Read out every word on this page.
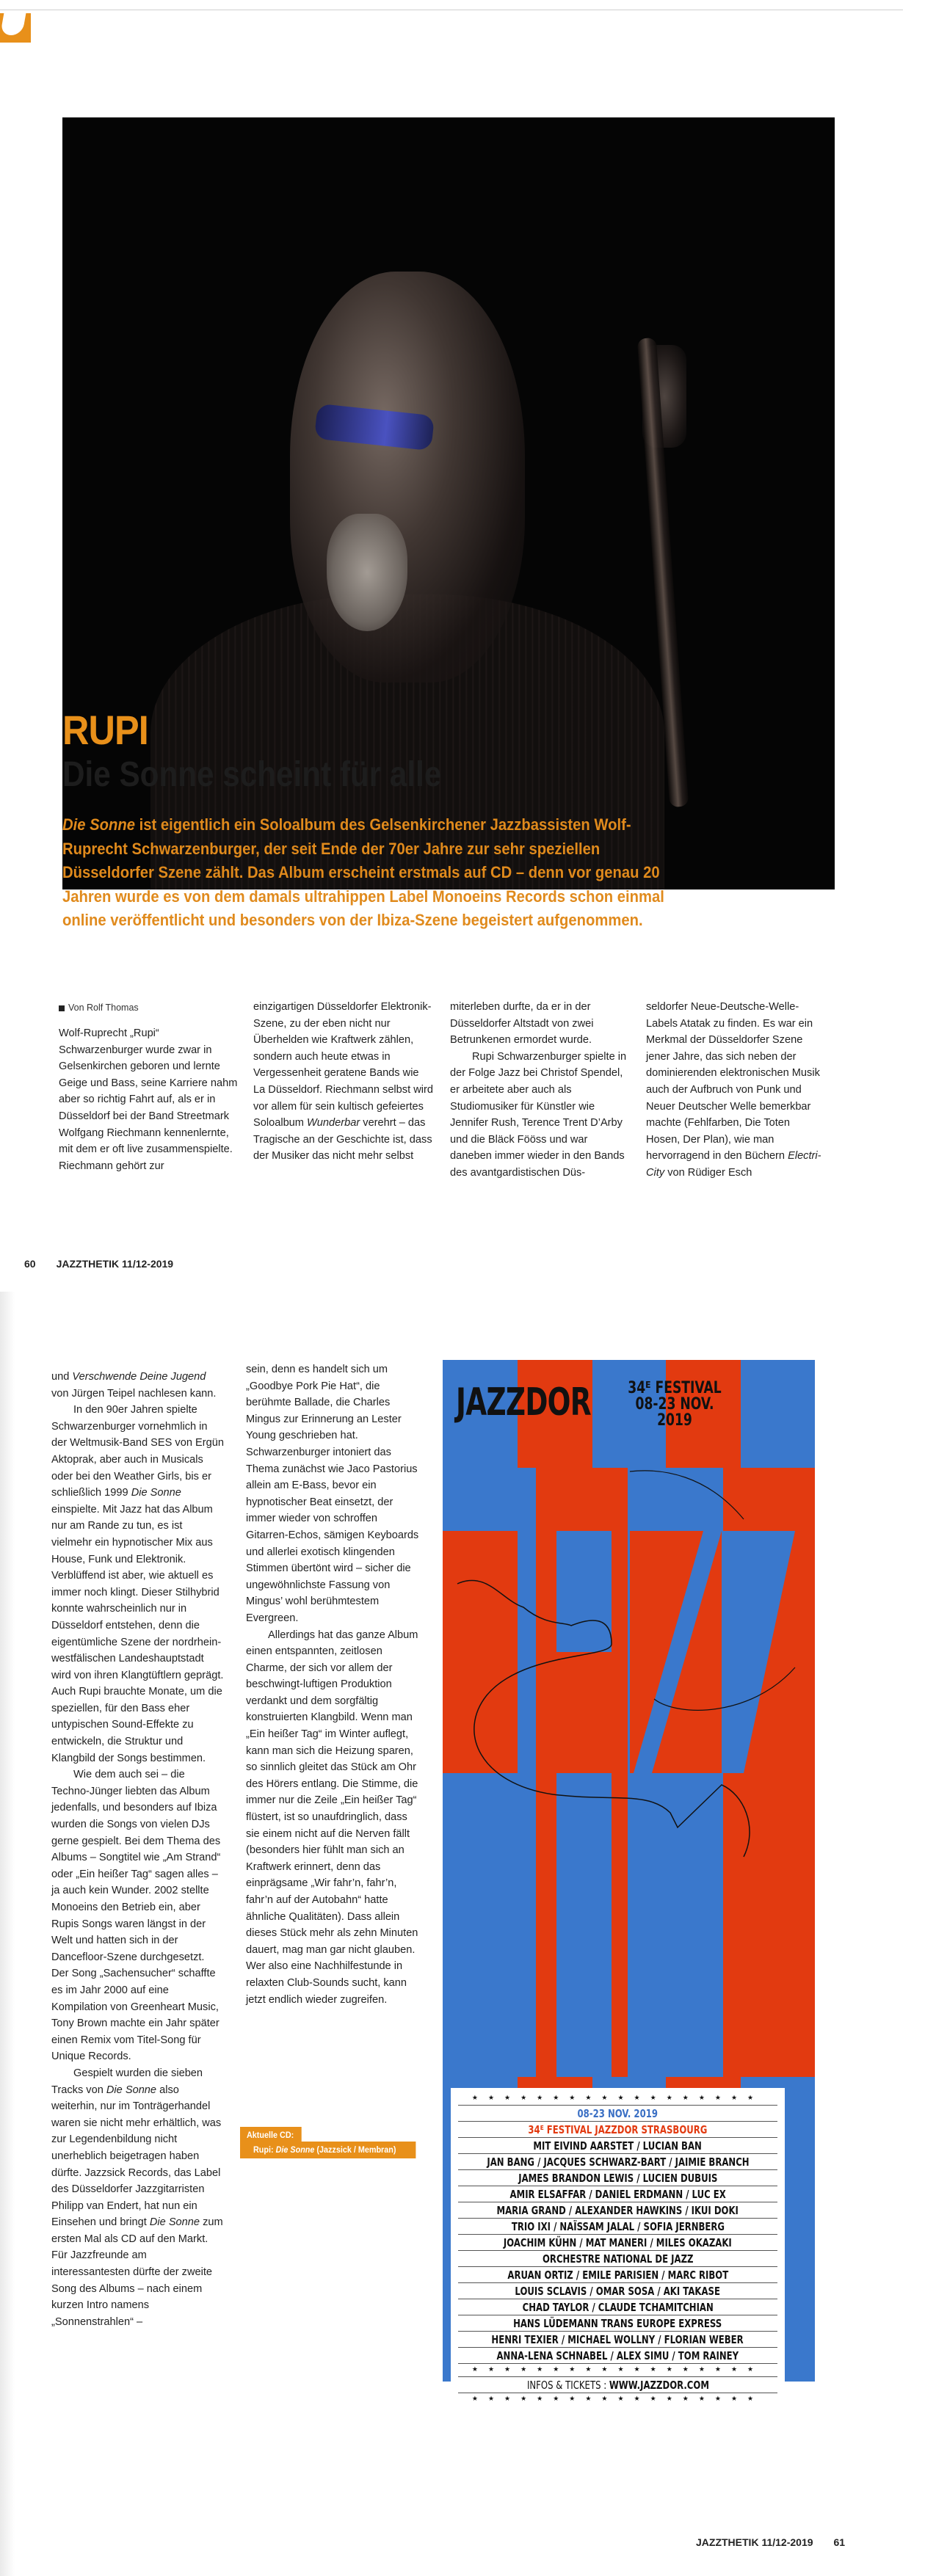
RUPI
Die Sonne scheint für alle
Die Sonne ist eigentlich ein Soloalbum des Gelsenkirchener Jazzbassisten Wolf-Ruprecht Schwarzenburger, der seit Ende der 70er Jahre zur sehr speziellen Düsseldorfer Szene zählt. Das Album erscheint erstmals auf CD – denn vor genau 20 Jahren wurde es von dem damals ultrahippen Label Monoeins Records schon einmal online veröffentlicht und besonders von der Ibiza-Szene begeistert aufgenommen.
Von Rolf Thomas

Wolf-Ruprecht „Rupi“ Schwarzenburger wurde zwar in Gelsenkirchen geboren und lernte Geige und Bass, seine Karriere nahm aber so richtig Fahrt auf, als er in Düsseldorf bei der Band Streetmark Wolfgang Riechmann kennenlernte, mit dem er oft live zusammenspielte. Riechmann gehört zur

einzigartigen Düsseldorfer Elektronik-Szene, zu der eben nicht nur Überhelden wie Kraftwerk zählen, sondern auch heute etwas in Vergessenheit geratene Bands wie La Düsseldorf. Riechmann selbst wird vor allem für sein kultisch gefeiertes Soloalbum Wunderbar verehrt – das Tragische an der Geschichte ist, dass der Musiker das nicht mehr selbst

miterleben durfte, da er in der Düsseldorfer Altstadt von zwei Betrunkenen ermordet wurde.

Rupi Schwarzenburger spielte in der Folge Jazz bei Christof Spendel, er arbeitete aber auch als Studiomusiker für Künstler wie Jennifer Rush, Terence Trent D’Arby und die Bläck Fööss und war daneben immer wieder in den Bands des avantgardistischen Düs-

seldorfer Neue-Deutsche-Welle-Labels Atatak zu finden. Es war ein Merkmal der Düsseldorfer Szene jener Jahre, das sich neben der dominierenden elektronischen Musik auch der Aufbruch von Punk und Neuer Deutscher Welle bemerkbar machte (Fehlfarben, Die Toten Hosen, Der Plan), wie man hervorragend in den Büchern Electri-City von Rüdiger Esch

60 JAZZTHETIK 11/12-2019

und Verschwende Deine Jugend von Jürgen Teipel nachlesen kann.

In den 90er Jahren spielte Schwarzenburger vornehmlich in der Weltmusik-Band SES von Ergün Aktoprak, aber auch in Musicals oder bei den Weather Girls, bis er schließlich 1999 Die Sonne einspielte. Mit Jazz hat das Album nur am Rande zu tun, es ist vielmehr ein hypnotischer Mix aus House, Funk und Elektronik. Verblüffend ist aber, wie aktuell es immer noch klingt. Dieser Stilhybrid konnte wahrscheinlich nur in Düsseldorf entstehen, denn die eigentümliche Szene der nordrhein-westfälischen Landeshauptstadt wird von ihren Klangtüftlern geprägt. Auch Rupi brauchte Monate, um die speziellen, für den Bass eher untypischen Sound-Effekte zu entwickeln, die Struktur und Klangbild der Songs bestimmen.

Wie dem auch sei – die Techno-Jünger liebten das Album jedenfalls, und besonders auf Ibiza wurden die Songs von vielen DJs gerne gespielt. Bei dem Thema des Albums – Songtitel wie „Am Strand“ oder „Ein heißer Tag“ sagen alles – ja auch kein Wunder. 2002 stellte Monoeins den Betrieb ein, aber Rupis Songs waren längst in der Welt und hatten sich in der Dancefloor-Szene durchgesetzt. Der Song „Sachensucher“ schaffte es im Jahr 2000 auf eine Kompilation von Greenheart Music, Tony Brown machte ein Jahr später einen Remix vom Titel-Song für Unique Records.

Gespielt wurden die sieben Tracks von Die Sonne also weiterhin, nur im Tonträgerhandel waren sie nicht mehr erhältlich, was zur Legendenbildung nicht unerheblich beigetragen haben dürfte. Jazzsick Records, das Label des Düsseldorfer Jazzgitarristen Philipp van Endert, hat nun ein Einsehen und bringt Die Sonne zum ersten Mal als CD auf den Markt. Für Jazzfreunde am interessantesten dürfte der zweite Song des Albums – nach einem kurzen Intro namens „Sonnenstrahlen“ –

sein, denn es handelt sich um „Goodbye Pork Pie Hat“, die berühmte Ballade, die Charles Mingus zur Erinnerung an Lester Young geschrieben hat. Schwarzenburger intoniert das Thema zunächst wie Jaco Pastorius allein am E-Bass, bevor ein hypnotischer Beat einsetzt, der immer wieder von schroffen Gitarren-Echos, sämigen Keyboards und allerlei exotisch klingenden Stimmen übertönt wird – sicher die ungewöhnlichste Fassung von Mingus’ wohl berühmtestem Evergreen.

Allerdings hat das ganze Album einen entspannten, zeitlosen Charme, der sich vor allem der beschwingt-luftigen Produktion verdankt und dem sorgfältig konstruierten Klangbild. Wenn man „Ein heißer Tag“ im Winter auflegt, kann man sich die Heizung sparen, so sinnlich gleitet das Stück am Ohr des Hörers entlang. Die Stimme, die immer nur die Zeile „Ein heißer Tag“ flüstert, ist so unaufdringlich, dass sie einem nicht auf die Nerven fällt (besonders hier fühlt man sich an Kraftwerk erinnert, denn das einprägsame „Wir fahr’n, fahr’n, fahr’n auf der Autobahn“ hatte ähnliche Qualitäten). Dass allein dieses Stück mehr als zehn Minuten dauert, mag man gar nicht glauben. Wer also eine Nachhilfestunde in relaxten Club-Sounds sucht, kann jetzt endlich wieder zugreifen.

Aktuelle CD:
Rupi: Die Sonne (Jazzsick / Membran)
JAZZDOR 34ᴱ FESTIVAL
08-23 NOV. 2019
★★★★★★★★★★★★★★★★★★
08-23 NOV. 2019
34ᴱ FESTIVAL JAZZDOR STRASBOURG
MIT EIVIND AARSTET / LUCIAN BAN
JAN BANG / JACQUES SCHWARZ-BART / JAIMIE BRANCH
JAMES BRANDON LEWIS / LUCIEN DUBUIS
AMIR ELSAFFAR / DANIEL ERDMANN / LUC EX
MARIA GRAND / ALEXANDER HAWKINS / IKUI DOKI
TRIO IXI / NAÏSSAM JALAL / SOFIA JERNBERG
JOACHIM KÜHN / MAT MANERI / MILES OKAZAKI
ORCHESTRE NATIONAL DE JAZZ
ARUAN ORTIZ / EMILE PARISIEN / MARC RIBOT
LOUIS SCLAVIS / OMAR SOSA / AKI TAKASE
CHAD TAYLOR / CLAUDE TCHAMITCHIAN
HANS LÜDEMANN TRANS EUROPE EXPRESS
HENRI TEXIER / MICHAEL WOLLNY / FLORIAN WEBER
ANNA-LENA SCHNABEL / ALEX SIMU / TOM RAINEY
★★★★★★★★★★★★★★★★★★
INFOS & TICKETS : WWW.JAZZDOR.COM
★★★★★★★★★★★★★★★★★★
JAZZTHETIK 11/12-2019 61
